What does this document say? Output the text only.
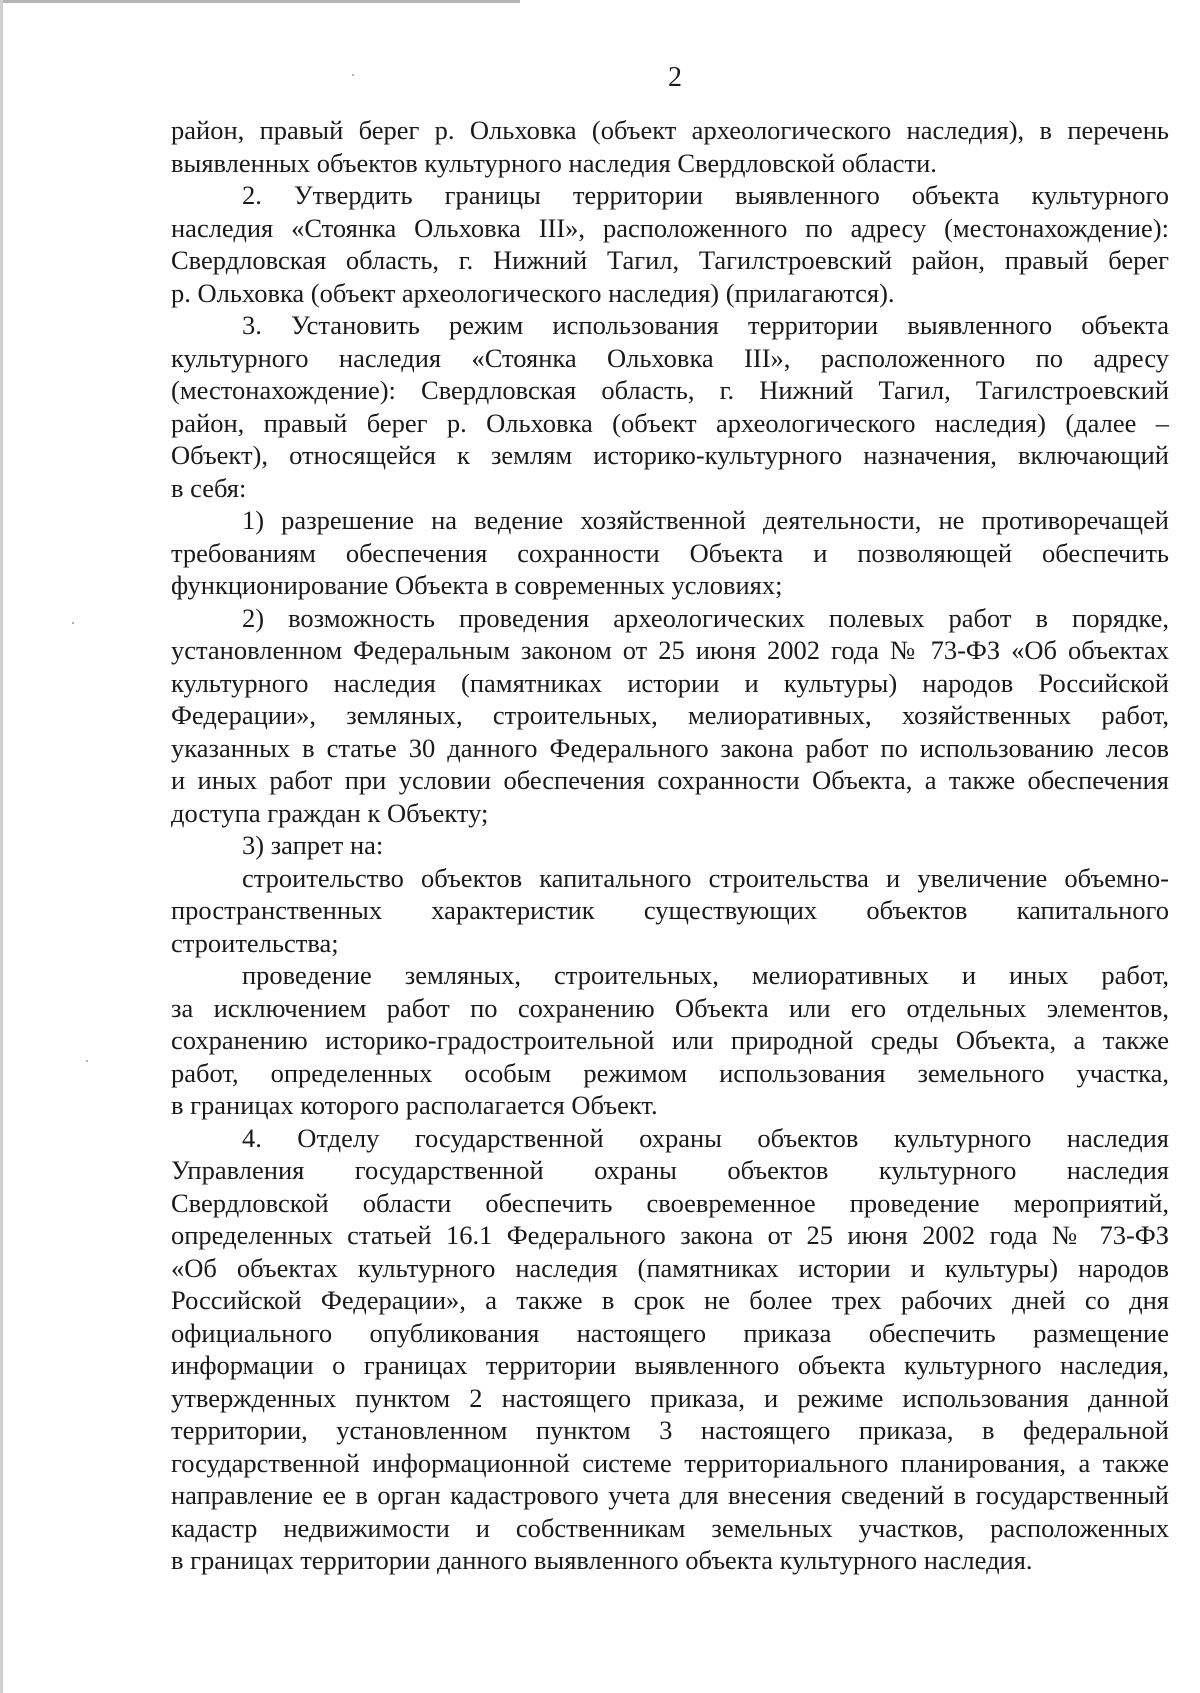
2
район, правый берег р. Ольховка (объект археологического наследия), в перечень
выявленных объектов культурного наследия Свердловской области.
2. Утвердить границы территории выявленного объекта культурного
наследия «Стоянка Ольховка III», расположенного по адресу (местонахождение):
Свердловская область, г. Нижний Тагил, Тагилстроевский район, правый берег
р. Ольховка (объект археологического наследия) (прилагаются).
3. Установить режим использования территории выявленного объекта
культурного наследия «Стоянка Ольховка III», расположенного по адресу
(местонахождение): Свердловская область, г. Нижний Тагил, Тагилстроевский
район, правый берег р. Ольховка (объект археологического наследия) (далее –
Объект), относящейся к землям историко-культурного назначения, включающий
в себя:
1) разрешение на ведение хозяйственной деятельности, не противоречащей
требованиям обеспечения сохранности Объекта и позволяющей обеспечить
функционирование Объекта в современных условиях;
2) возможность проведения археологических полевых работ в порядке,
установленном Федеральным законом от 25 июня 2002 года № 73-ФЗ «Об объектах
культурного наследия (памятниках истории и культуры) народов Российской
Федерации», земляных, строительных, мелиоративных, хозяйственных работ,
указанных в статье 30 данного Федерального закона работ по использованию лесов
и иных работ при условии обеспечения сохранности Объекта, а также обеспечения
доступа граждан к Объекту;
3) запрет на:
строительство объектов капитального строительства и увеличение объемно-
пространственных характеристик существующих объектов капитального
строительства;
проведение земляных, строительных, мелиоративных и иных работ,
за исключением работ по сохранению Объекта или его отдельных элементов,
сохранению историко-градостроительной или природной среды Объекта, а также
работ, определенных особым режимом использования земельного участка,
в границах которого располагается Объект.
4. Отделу государственной охраны объектов культурного наследия
Управления государственной охраны объектов культурного наследия
Свердловской области обеспечить своевременное проведение мероприятий,
определенных статьей 16.1 Федерального закона от 25 июня 2002 года № 73-ФЗ
«Об объектах культурного наследия (памятниках истории и культуры) народов
Российской Федерации», а также в срок не более трех рабочих дней со дня
официального опубликования настоящего приказа обеспечить размещение
информации о границах территории выявленного объекта культурного наследия,
утвержденных пунктом 2 настоящего приказа, и режиме использования данной
территории, установленном пунктом 3 настоящего приказа, в федеральной
государственной информационной системе территориального планирования, а также
направление ее в орган кадастрового учета для внесения сведений в государственный
кадастр недвижимости и собственникам земельных участков, расположенных
в границах территории данного выявленного объекта культурного наследия.
